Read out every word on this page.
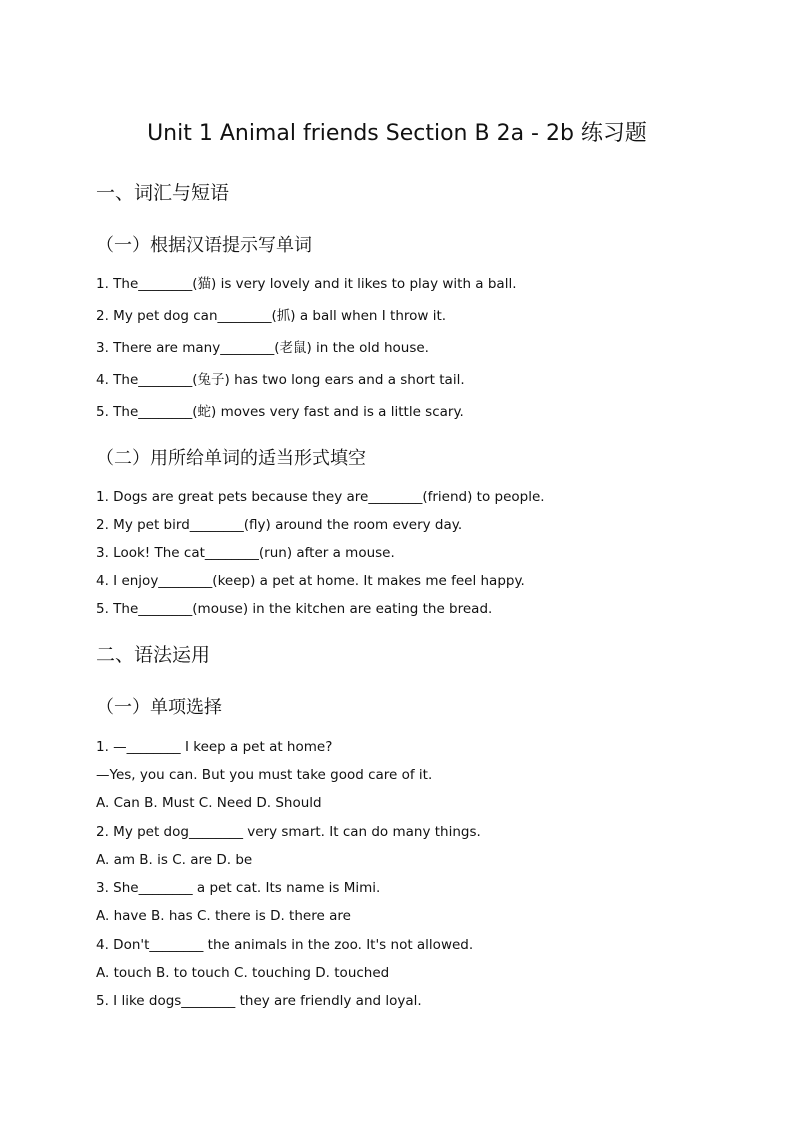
Unit 1 Animal friends Section B 2a - 2b 练习题
一、词汇与短语
（一）根据汉语提示写单词
1. The________(猫) is very lovely and it likes to play with a ball.
2. My pet dog can________(抓) a ball when I throw it.
3. There are many________(老鼠) in the old house.
4. The________(兔子) has two long ears and a short tail.
5. The________(蛇) moves very fast and is a little scary.
（二）用所给单词的适当形式填空
1. Dogs are great pets because they are________(friend) to people.
2. My pet bird________(fly) around the room every day.
3. Look! The cat________(run) after a mouse.
4. I enjoy________(keep) a pet at home. It makes me feel happy.
5. The________(mouse) in the kitchen are eating the bread.
二、语法运用
（一）单项选择
1. —________ I keep a pet at home?
—Yes, you can. But you must take good care of it.
A. Can B. Must C. Need D. Should
2. My pet dog________ very smart. It can do many things.
A. am B. is C. are D. be
3. She________ a pet cat. Its name is Mimi.
A. have B. has C. there is D. there are
4. Don't________ the animals in the zoo. It's not allowed.
A. touch B. to touch C. touching D. touched
5. I like dogs________ they are friendly and loyal.
